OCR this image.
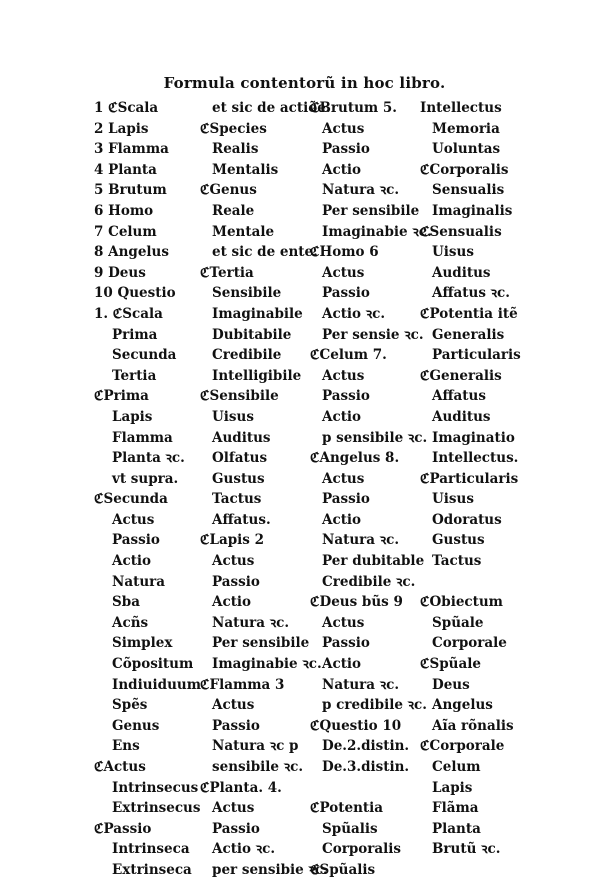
Formula contentorũ in hoc libro.
1 ℭScala
2 Lapis
3 Flamma
4 Planta
5 Brutum
6 Homo
7 Celum
8 Angelus
9 Deus
10 Questio
1. ℭScala
Prima
Secunda
Tertia
ℭPrima
Lapis
Flamma
Planta ꝛc.
vt supra.
ℭSecunda
Actus
Passio
Actio
Natura
Sba
Acñs
Simplex
Cõpositum
Indiuiduum
Spẽs
Genus
Ens
ℭActus
Intrinsecus
Extrinsecus
ℭPassio
Intrinseca
Extrinseca
et sic de actiõe.
ℭSpecies
Realis
Mentalis
ℭGenus
Reale
Mentale
et sic de ente.
ℭTertia
Sensibile
Imaginabile
Dubitabile
Credibile
Intelligibile
ℭSensibile
Uisus
Auditus
Olfatus
Gustus
Tactus
Affatus.
ℭLapis 2
Actus
Passio
Actio
Natura ꝛc.
Per sensibile
Imaginabie ꝛc.
ℭFlamma 3
Actus
Passio
Natura ꝛc p
sensibile ꝛc.
ℭPlanta. 4.
Actus
Passio
Actio ꝛc.
per sensibie ꝛc.
ℭBrutum 5.
Actus
Passio
Actio
Natura ꝛc.
Per sensibile
Imaginabie ꝛc.
ℭHomo 6
Actus
Passio
Actio ꝛc.
Per sensie ꝛc.
ℭCelum 7.
Actus
Passio
Actio
p sensibile ꝛc.
ℭAngelus 8.
Actus
Passio
Actio
Natura ꝛc.
Per dubitable
Credibile ꝛc.
ℭDeus bũs 9
Actus
Passio
Actio
Natura ꝛc.
p credibile ꝛc.
ℭQuestio 10
De.2.distin.
De.3.distin.
ℭPotentia
Spũalis
Corporalis
ℭSpũalis
Intellectus
Memoria
Uoluntas
ℭCorporalis
Sensualis
Imaginalis
ℭSensualis
Uisus
Auditus
Affatus ꝛc.
ℭPotentia itẽ
Generalis
Particularis
ℭGeneralis
Affatus
Auditus
Imaginatio
Intellectus.
ℭParticularis
Uisus
Odoratus
Gustus
Tactus
ℭObiectum
Spũale
Corporale
ℭSpũale
Deus
Angelus
Aĩa rõnalis
ℭCorporale
Celum
Lapis
Flãma
Planta
Brutũ ꝛc.
